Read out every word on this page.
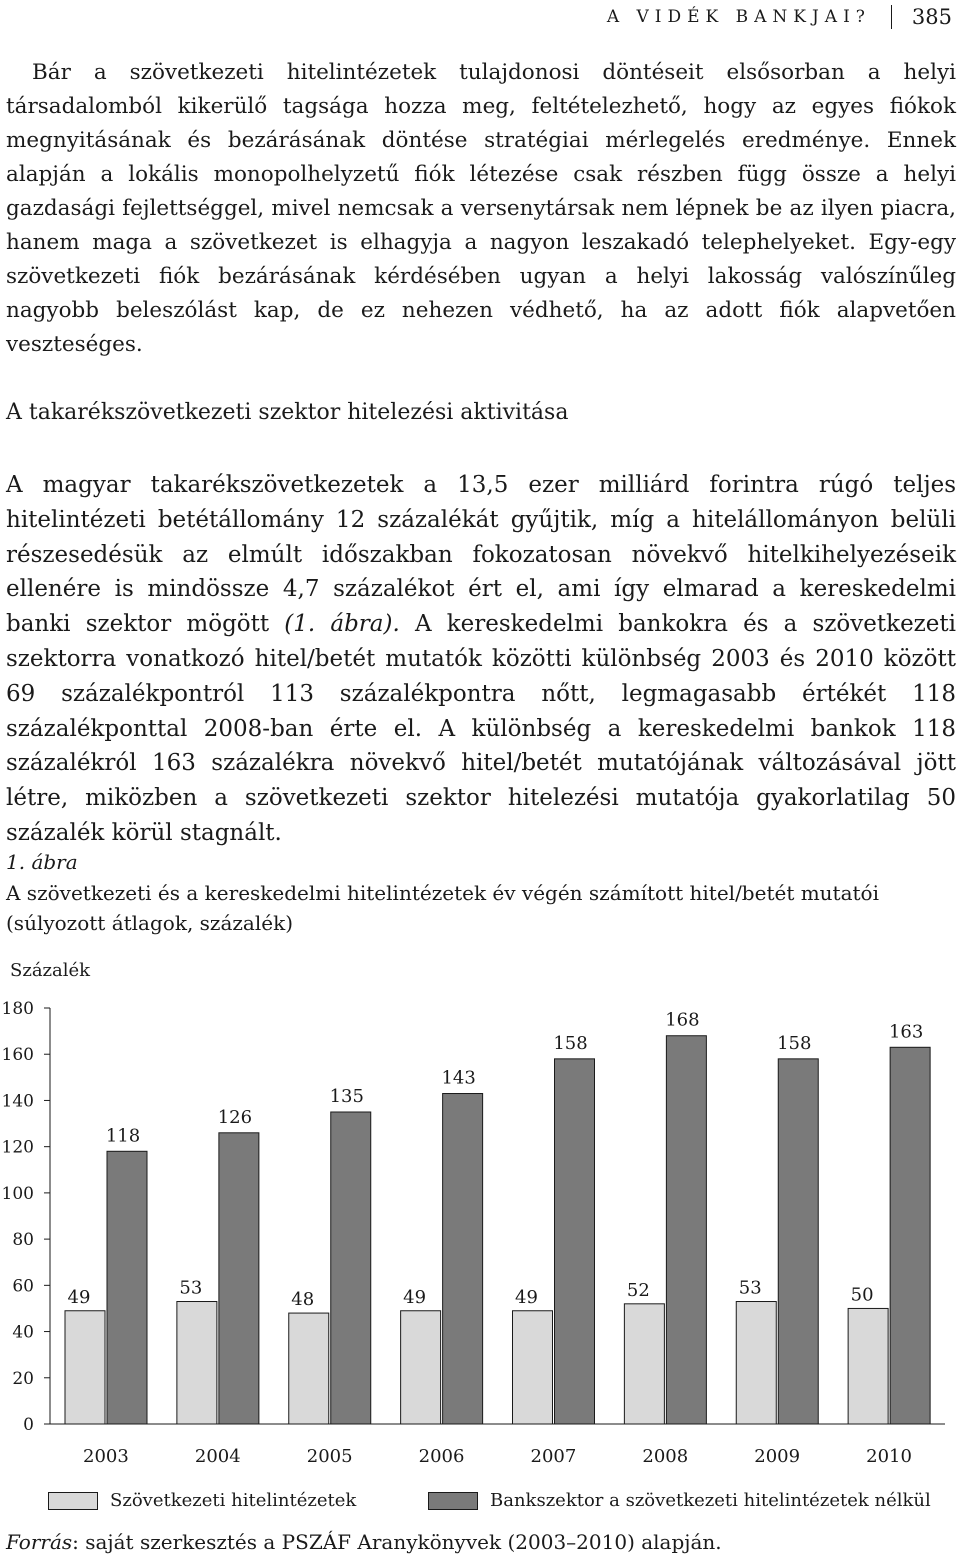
A VIDÉK BANKJAI? 385

Bár a szövetkezeti hitelintézetek tulajdonosi döntéseit elsősorban a helyi társadalomból kikerülő tagsága hozza meg, feltételezhető, hogy az egyes fiókok megnyitásának és bezárásának döntése stratégiai mérlegelés eredménye. Ennek alapján a lokális monopolhelyzetű fiók létezése csak részben függ össze a helyi gazdasági fejlettséggel, mivel nemcsak a versenytársak nem lépnek be az ilyen piacra, hanem maga a szövetkezet is elhagyja a nagyon leszakadó telephelyeket. Egy-egy szövetkezeti fiók bezárásának kérdésében ugyan a helyi lakosság valószínűleg nagyobb beleszólást kap, de ez nehezen védhető, ha az adott fiók alapvetően veszteséges.

A takarékszövetkezeti szektor hitelezési aktivitása

A magyar takarékszövetkezetek a 13,5 ezer milliárd forintra rúgó teljes hitelintézeti betétállomány 12 százalékát gyűjtik, míg a hitelállományon belüli részesedésük az elmúlt időszakban fokozatosan növekvő hitelkihelyezéseik ellenére is mindössze 4,7 százalékot ért el, ami így elmarad a kereskedelmi banki szektor mögött (1. ábra). A kereskedelmi bankokra és a szövetkezeti szektorra vonatkozó hitel/betét mutatók közötti különbség 2003 és 2010 között 69 százalékpontról 113 százalékpontra nőtt, legmagasabb értékét 118 százalékponttal 2008-ban érte el. A különbség a kereskedelmi bankok 118 százalékról 163 százalékra növekvő hitel/betét mutatójának változásával jött létre, miközben a szövetkezeti szektor hitelezési mutatója gyakorlatilag 50 százalék körül stagnált.

1. ábra

A szövetkezeti és a kereskedelmi hitelintézetek év végén számított hitel/betét mutatói (súlyozott átlagok, százalék)

Százalék
0
20
40
60
80
100
120
140
160
180
49
118
2003
53
126
2004
48
135
2005
49
143
2006
49
158
2007
52
168
2008
53
158
2009
50
163
2010
Szövetkezeti hitelintézetek	Bankszektor a szövetkezeti hitelintézetek nélkül
Forrás: saját szerkesztés a PSZÁF Aranykönyvek (2003–2010) alapján.
